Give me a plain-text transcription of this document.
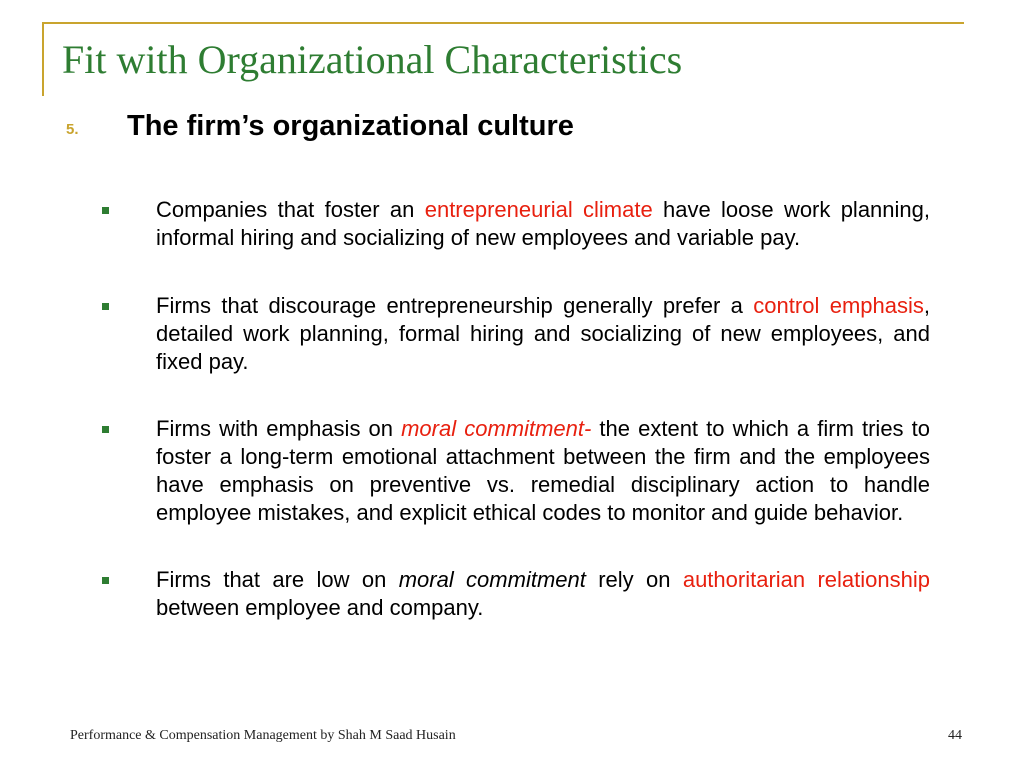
Fit with Organizational Characteristics
5. The firm’s organizational culture
Companies that foster an entrepreneurial climate have loose work planning, informal hiring and socializing of new employees and variable pay.
Firms that discourage entrepreneurship generally prefer a control emphasis, detailed work planning, formal hiring and socializing of new employees, and fixed pay.
Firms with emphasis on moral commitment- the extent to which a firm tries to foster a long-term emotional attachment between the firm and the employees have emphasis on preventive vs. remedial disciplinary action to handle employee mistakes, and explicit ethical codes to monitor and guide behavior.
Firms that are low on moral commitment rely on authoritarian relationship between employee and company.
Performance & Compensation Management by Shah M Saad Husain	44
